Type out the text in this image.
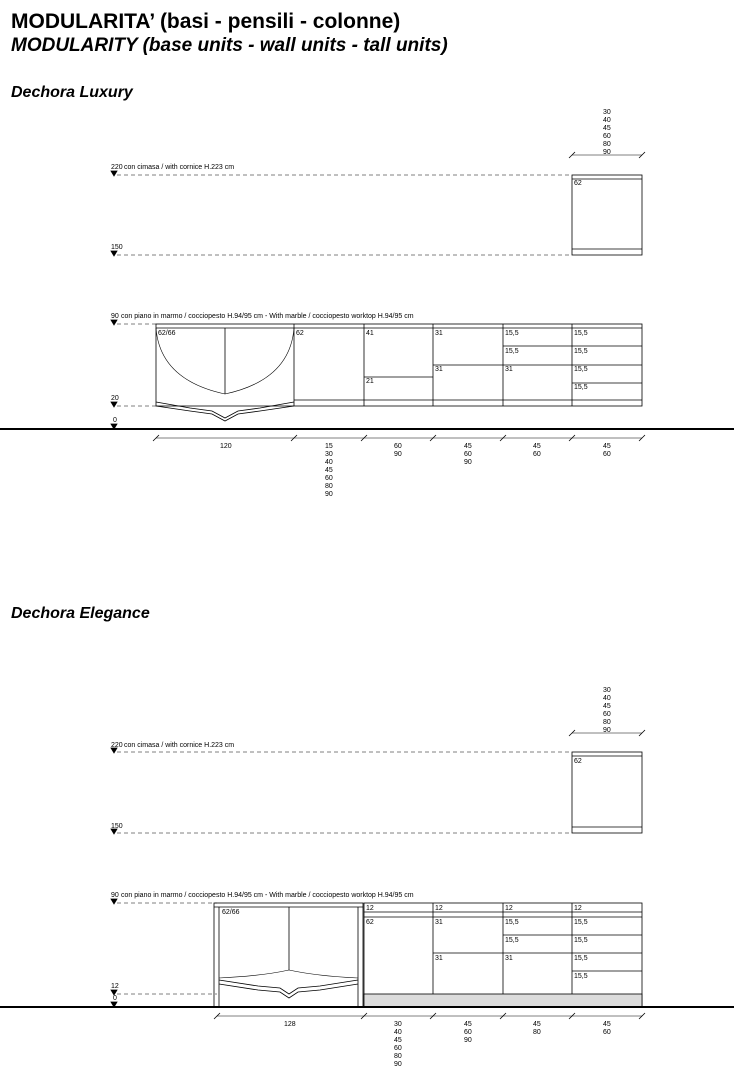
MODULARITA’ (basi - pensili - colonne)
MODULARITY (base units - wall units - tall units)
Dechora Luxury
Dechora Elegance
220 con cimasa / with cornice H.223 cm
150
90 con piano in marmo / cocciopesto H.94/95 cm - With marble / cocciopesto worktop H.94/95 cm
20
0
30
40
45
60
80
90
62
62/66	62	41
21
31
31
15,5
15,5
31
15,5
15,5
15,5
15,5
120	15
30
40
45
60
80
90
60
90
45
60
90
45
60
45
60
220 con cimasa / with cornice H.223 cm
150
90 con piano in marmo / cocciopesto H.94/95 cm - With marble / cocciopesto worktop H.94/95 cm
12
0
30
40
45
60
80
90
62
62/66
62
12	12
31
31
12
15,5
15,5
31
12
15,5
15,5
15,5
15,5
128	30
40
45
60
80
90
45
60
90
45
80
45
60
